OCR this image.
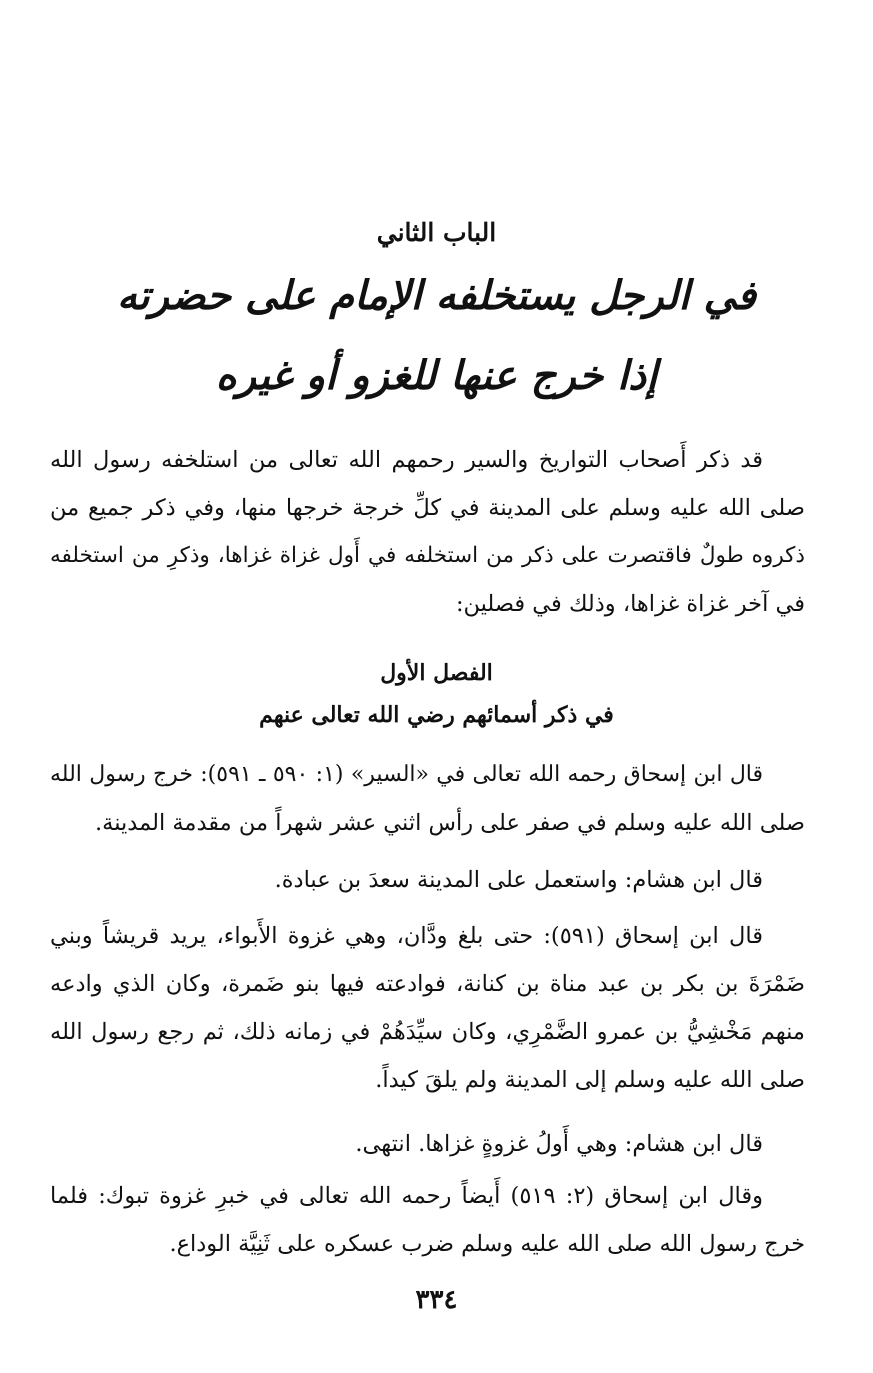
الباب الثاني
في الرجل يستخلفه الإمام على حضرته
إذا خرج عنها للغزو أو غيره
قد ذكر أَصحاب التواريخ والسير رحمهم الله تعالى من استلخفه رسول الله
صلى الله عليه وسلم على المدينة في كلِّ خرجة خرجها منها، وفي ذكر جميع من
ذكروه طولٌ فاقتصرت على ذكر من استخلفه في أَول غزاة غزاها، وذكرِ من استخلفه
في آخر غزاة غزاها، وذلك في فصلين:
الفصل الأول
في ذكر أسمائهم رضي الله تعالى عنهم
قال ابن إسحاق رحمه الله تعالى في «السير» (١: ٥٩٠ ـ ٥٩١): خرج رسول الله
صلى الله عليه وسلم في صفر على رأس اثني عشر شهراً من مقدمة المدينة.
قال ابن هشام: واستعمل على المدينة سعدَ بن عبادة.
قال ابن إسحاق (٥٩١): حتى بلغ ودَّان، وهي غزوة الأَبواء، يريد قريشاً وبني
ضَمْرَةَ بن بكر بن عبد مناة بن كنانة، فوادعته فيها بنو ضَمرة، وكان الذي وادعه
منهم مَخْشِيُّ بن عمرو الضَّمْرِي، وكان سيِّدَهُمْ في زمانه ذلك، ثم رجع رسول الله
صلى الله عليه وسلم إلى المدينة ولم يلقَ كيداً.
قال ابن هشام: وهي أَولُ غزوةٍ غزاها. انتهى.
وقال ابن إسحاق (٢: ٥١٩) أَيضاً رحمه الله تعالى في خبرِ غزوة تبوك: فلما
خرج رسول الله صلى الله عليه وسلم ضرب عسكره على ثَنِيَّة الوداع.
٣٣٤
